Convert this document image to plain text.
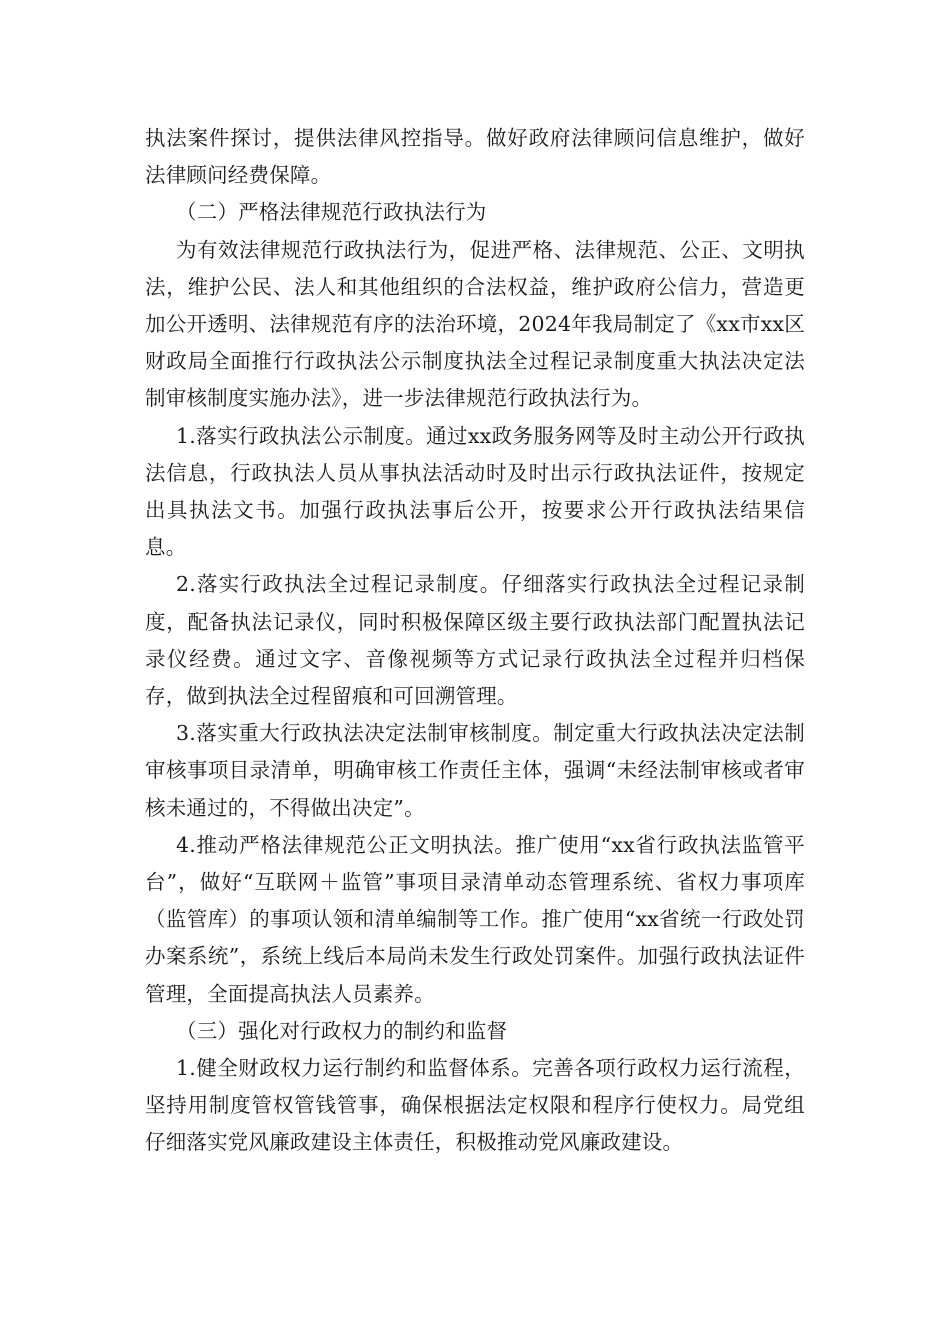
执法案件探讨，提供法律风控指导。做好政府法律顾问信息维护，做好法律顾问经费保障。

（二）严格法律规范行政执法行为

为有效法律规范行政执法行为，促进严格、法律规范、公正、文明执法，维护公民、法人和其他组织的合法权益，维护政府公信力，营造更加公开透明、法律规范有序的法治环境，2024年我局制定了《xx市xx区财政局全面推行行政执法公示制度执法全过程记录制度重大执法决定法制审核制度实施办法》，进一步法律规范行政执法行为。

1.落实行政执法公示制度。通过xx政务服务网等及时主动公开行政执法信息，行政执法人员从事执法活动时及时出示行政执法证件，按规定出具执法文书。加强行政执法事后公开，按要求公开行政执法结果信息。

2.落实行政执法全过程记录制度。仔细落实行政执法全过程记录制度，配备执法记录仪，同时积极保障区级主要行政执法部门配置执法记录仪经费。通过文字、音像视频等方式记录行政执法全过程并归档保存，做到执法全过程留痕和可回溯管理。

3.落实重大行政执法决定法制审核制度。制定重大行政执法决定法制审核事项目录清单，明确审核工作责任主体，强调“未经法制审核或者审核未通过的，不得做出决定”。

4.推动严格法律规范公正文明执法。推广使用“xx省行政执法监管平台”，做好“互联网＋监管”事项目录清单动态管理系统、省权力事项库（监管库）的事项认领和清单编制等工作。推广使用“xx省统一行政处罚办案系统”，系统上线后本局尚未发生行政处罚案件。加强行政执法证件管理，全面提高执法人员素养。

（三）强化对行政权力的制约和监督

1.健全财政权力运行制约和监督体系。完善各项行政权力运行流程，坚持用制度管权管钱管事，确保根据法定权限和程序行使权力。局党组仔细落实党风廉政建设主体责任，积极推动党风廉政建设。
